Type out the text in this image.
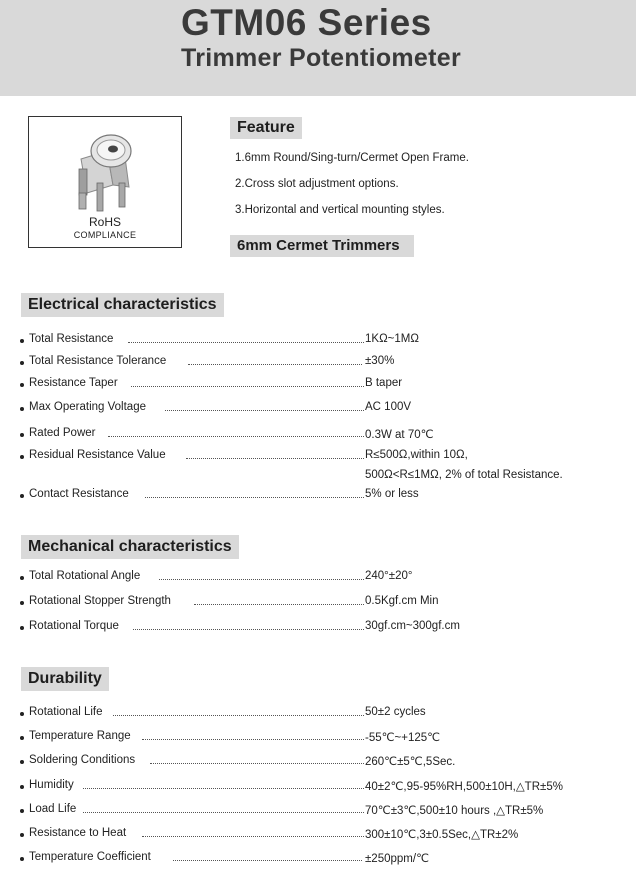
GTM06 Series
Trimmer Potentiometer
RoHS
COMPLIANCE
Feature
1.6mm Round/Sing-turn/Cermet Open Frame.
2.Cross slot adjustment options.
3.Horizontal and vertical mounting styles.
6mm Cermet Trimmers
Electrical characteristics
Total Resistance	1KΩ~1MΩ
Total Resistance Tolerance	±30%
Resistance Taper	B taper
Max Operating Voltage	AC 100V
Rated Power	0.3W at 70℃
Residual Resistance Value	R≤500Ω,within 10Ω,
500Ω<R≤1MΩ, 2% of total Resistance.
Contact Resistance	5% or less
Mechanical characteristics
Total Rotational Angle	240°±20°
Rotational Stopper Strength	0.5Kgf.cm Min
Rotational Torque	30gf.cm~300gf.cm
Durability
Rotational Life	50±2 cycles
Temperature Range	-55℃~+125℃
Soldering Conditions	260℃±5℃,5Sec.
Humidity	40±2℃,95-95%RH,500±10H,△TR±5%
Load Life	70℃±3℃,500±10 hours ,△TR±5%
Resistance to Heat	300±10℃,3±0.5Sec,△TR±2%
Temperature Coefficient	±250ppm/℃
